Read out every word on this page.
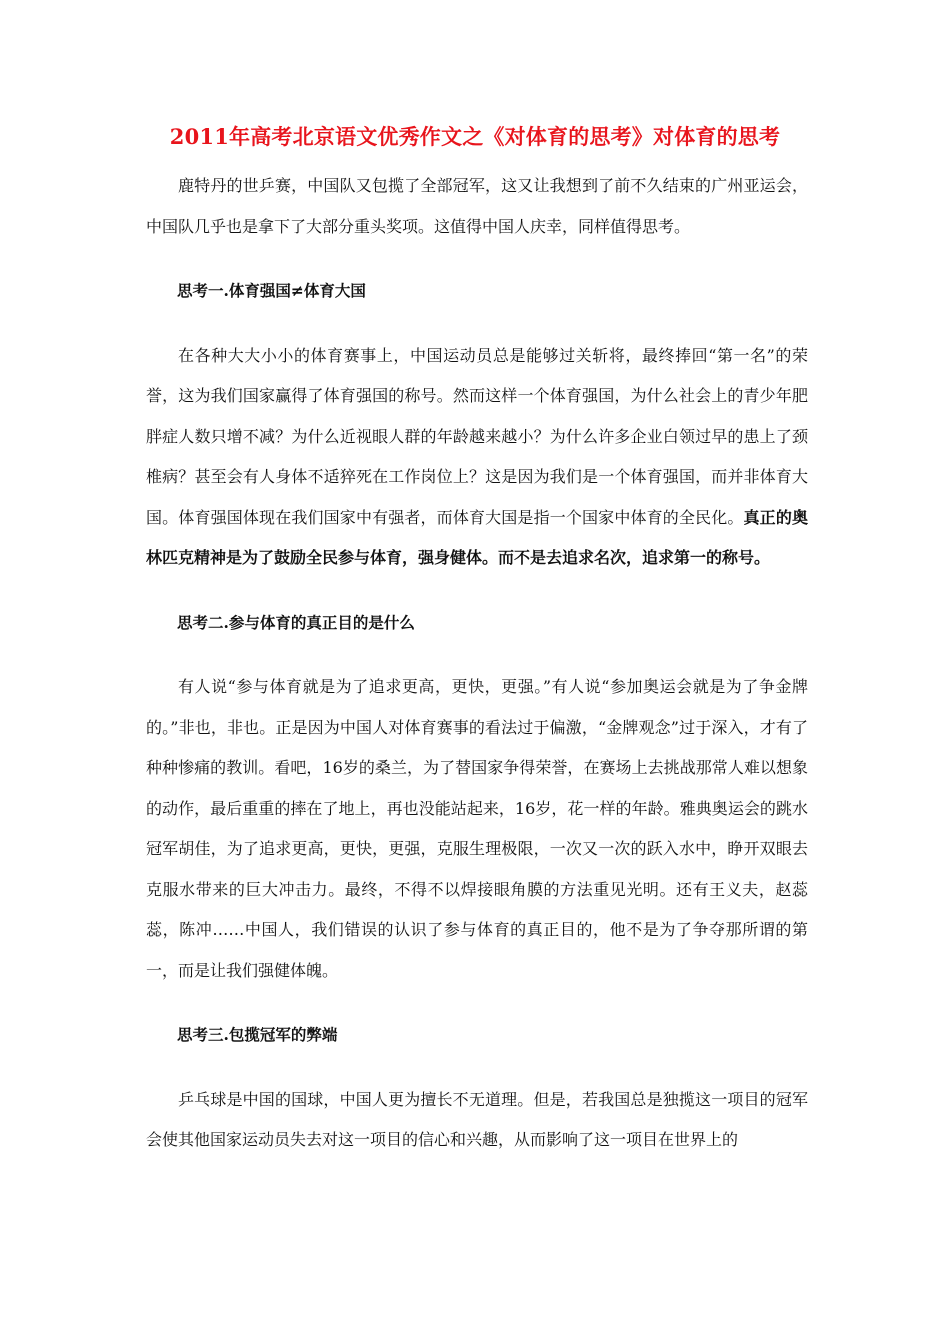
2011年高考北京语文优秀作文之《对体育的思考》对体育的思考

鹿特丹的世乒赛，中国队又包揽了全部冠军，这又让我想到了前不久结束的广州亚运会，中国队几乎也是拿下了大部分重头奖项。这值得中国人庆幸，同样值得思考。

思考一.体育强国≠体育大国

在各种大大小小的体育赛事上，中国运动员总是能够过关斩将，最终捧回“第一名”的荣誉，这为我们国家赢得了体育强国的称号。然而这样一个体育强国，为什么社会上的青少年肥胖症人数只增不减？为什么近视眼人群的年龄越来越小？为什么许多企业白领过早的患上了颈椎病？甚至会有人身体不适猝死在工作岗位上？这是因为我们是一个体育强国，而并非体育大国。体育强国体现在我们国家中有强者，而体育大国是指一个国家中体育的全民化。真正的奥林匹克精神是为了鼓励全民参与体育，强身健体。而不是去追求名次，追求第一的称号。

思考二.参与体育的真正目的是什么

有人说“参与体育就是为了追求更高，更快，更强。”有人说“参加奥运会就是为了争金牌的。”非也，非也。正是因为中国人对体育赛事的看法过于偏激，“金牌观念”过于深入，才有了种种惨痛的教训。看吧，16岁的桑兰，为了替国家争得荣誉，在赛场上去挑战那常人难以想象的动作，最后重重的摔在了地上，再也没能站起来，16岁，花一样的年龄。雅典奥运会的跳水冠军胡佳，为了追求更高，更快，更强，克服生理极限，一次又一次的跃入水中，睁开双眼去克服水带来的巨大冲击力。最终，不得不以焊接眼角膜的方法重见光明。还有王义夫，赵蕊蕊，陈冲……中国人，我们错误的认识了参与体育的真正目的，他不是为了争夺那所谓的第一，而是让我们强健体魄。

思考三.包揽冠军的弊端

乒乓球是中国的国球，中国人更为擅长不无道理。但是，若我国总是独揽这一项目的冠军会使其他国家运动员失去对这一项目的信心和兴趣，从而影响了这一项目在世界上的
